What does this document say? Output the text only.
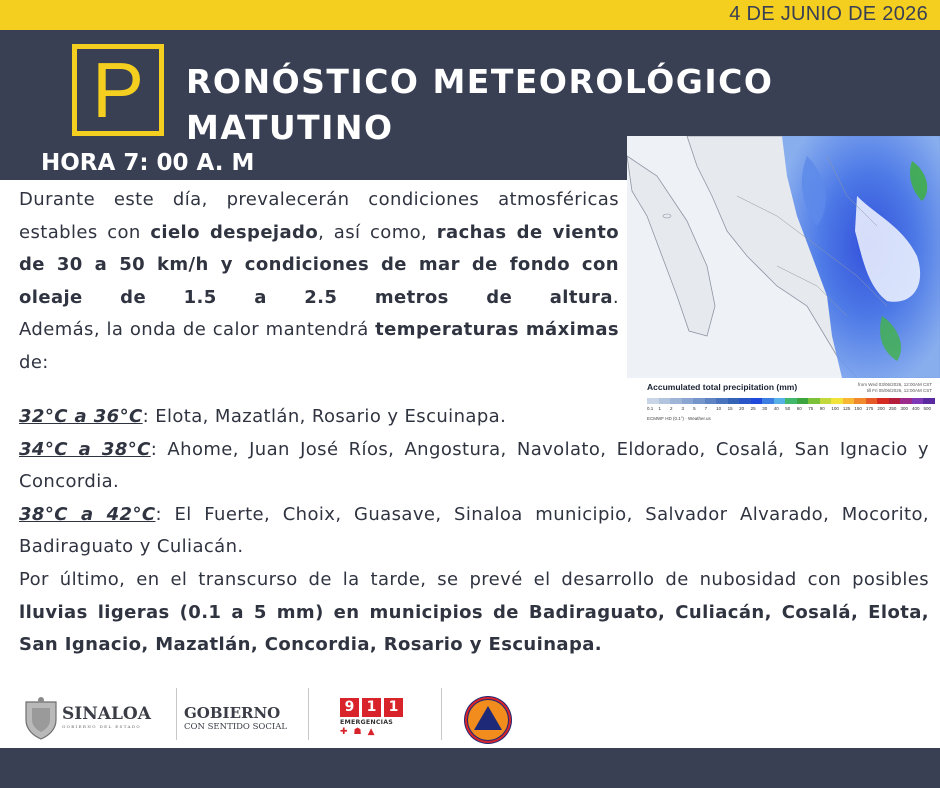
4 DE JUNIO DE 2026
P	RONÓSTICO METEOROLÓGICO
MATUTINO
HORA 7: 00 A. M
Accumulated total precipitation (mm)	from Wed 03/06/2026, 12:00AM CST
till Fri 05/06/2026, 12:00AM CST
0.1 1 2 3 5 7 10 15 20 25 30 40 50 60 75 90 100 125 150 175 200 250 300 400 500
ECMWF HD (0.1°) · Weather.us

Durante este día, prevalecerán condiciones atmosféricas estables con cielo despejado, así como, rachas de viento de 30 a 50 km/h y condiciones de mar de fondo con oleaje de 1.5 a 2.5 metros de altura.

Además, la onda de calor mantendrá temperaturas máximas de:

32°C a 36°C: Elota, Mazatlán, Rosario y Escuinapa.

34°C a 38°C: Ahome, Juan José Ríos, Angostura, Navolato, Eldorado, Cosalá, San Ignacio y Concordia.

38°C a 42°C: El Fuerte, Choix, Guasave, Sinaloa municipio, Salvador Alvarado, Mocorito, Badiraguato y Culiacán.

Por último, en el transcurso de la tarde, se prevé el desarrollo de nubosidad con posibles lluvias ligeras (0.1 a 5 mm) en municipios de Badiraguato, Culiacán, Cosalá, Elota, San Ignacio, Mazatlán, Concordia, Rosario y Escuinapa.

SINALOA
GOBIERNO DEL ESTADO
GOBIERNO
CON SENTIDO SOCIAL
9 1 1
EMERGENCIAS
✚☗▲
